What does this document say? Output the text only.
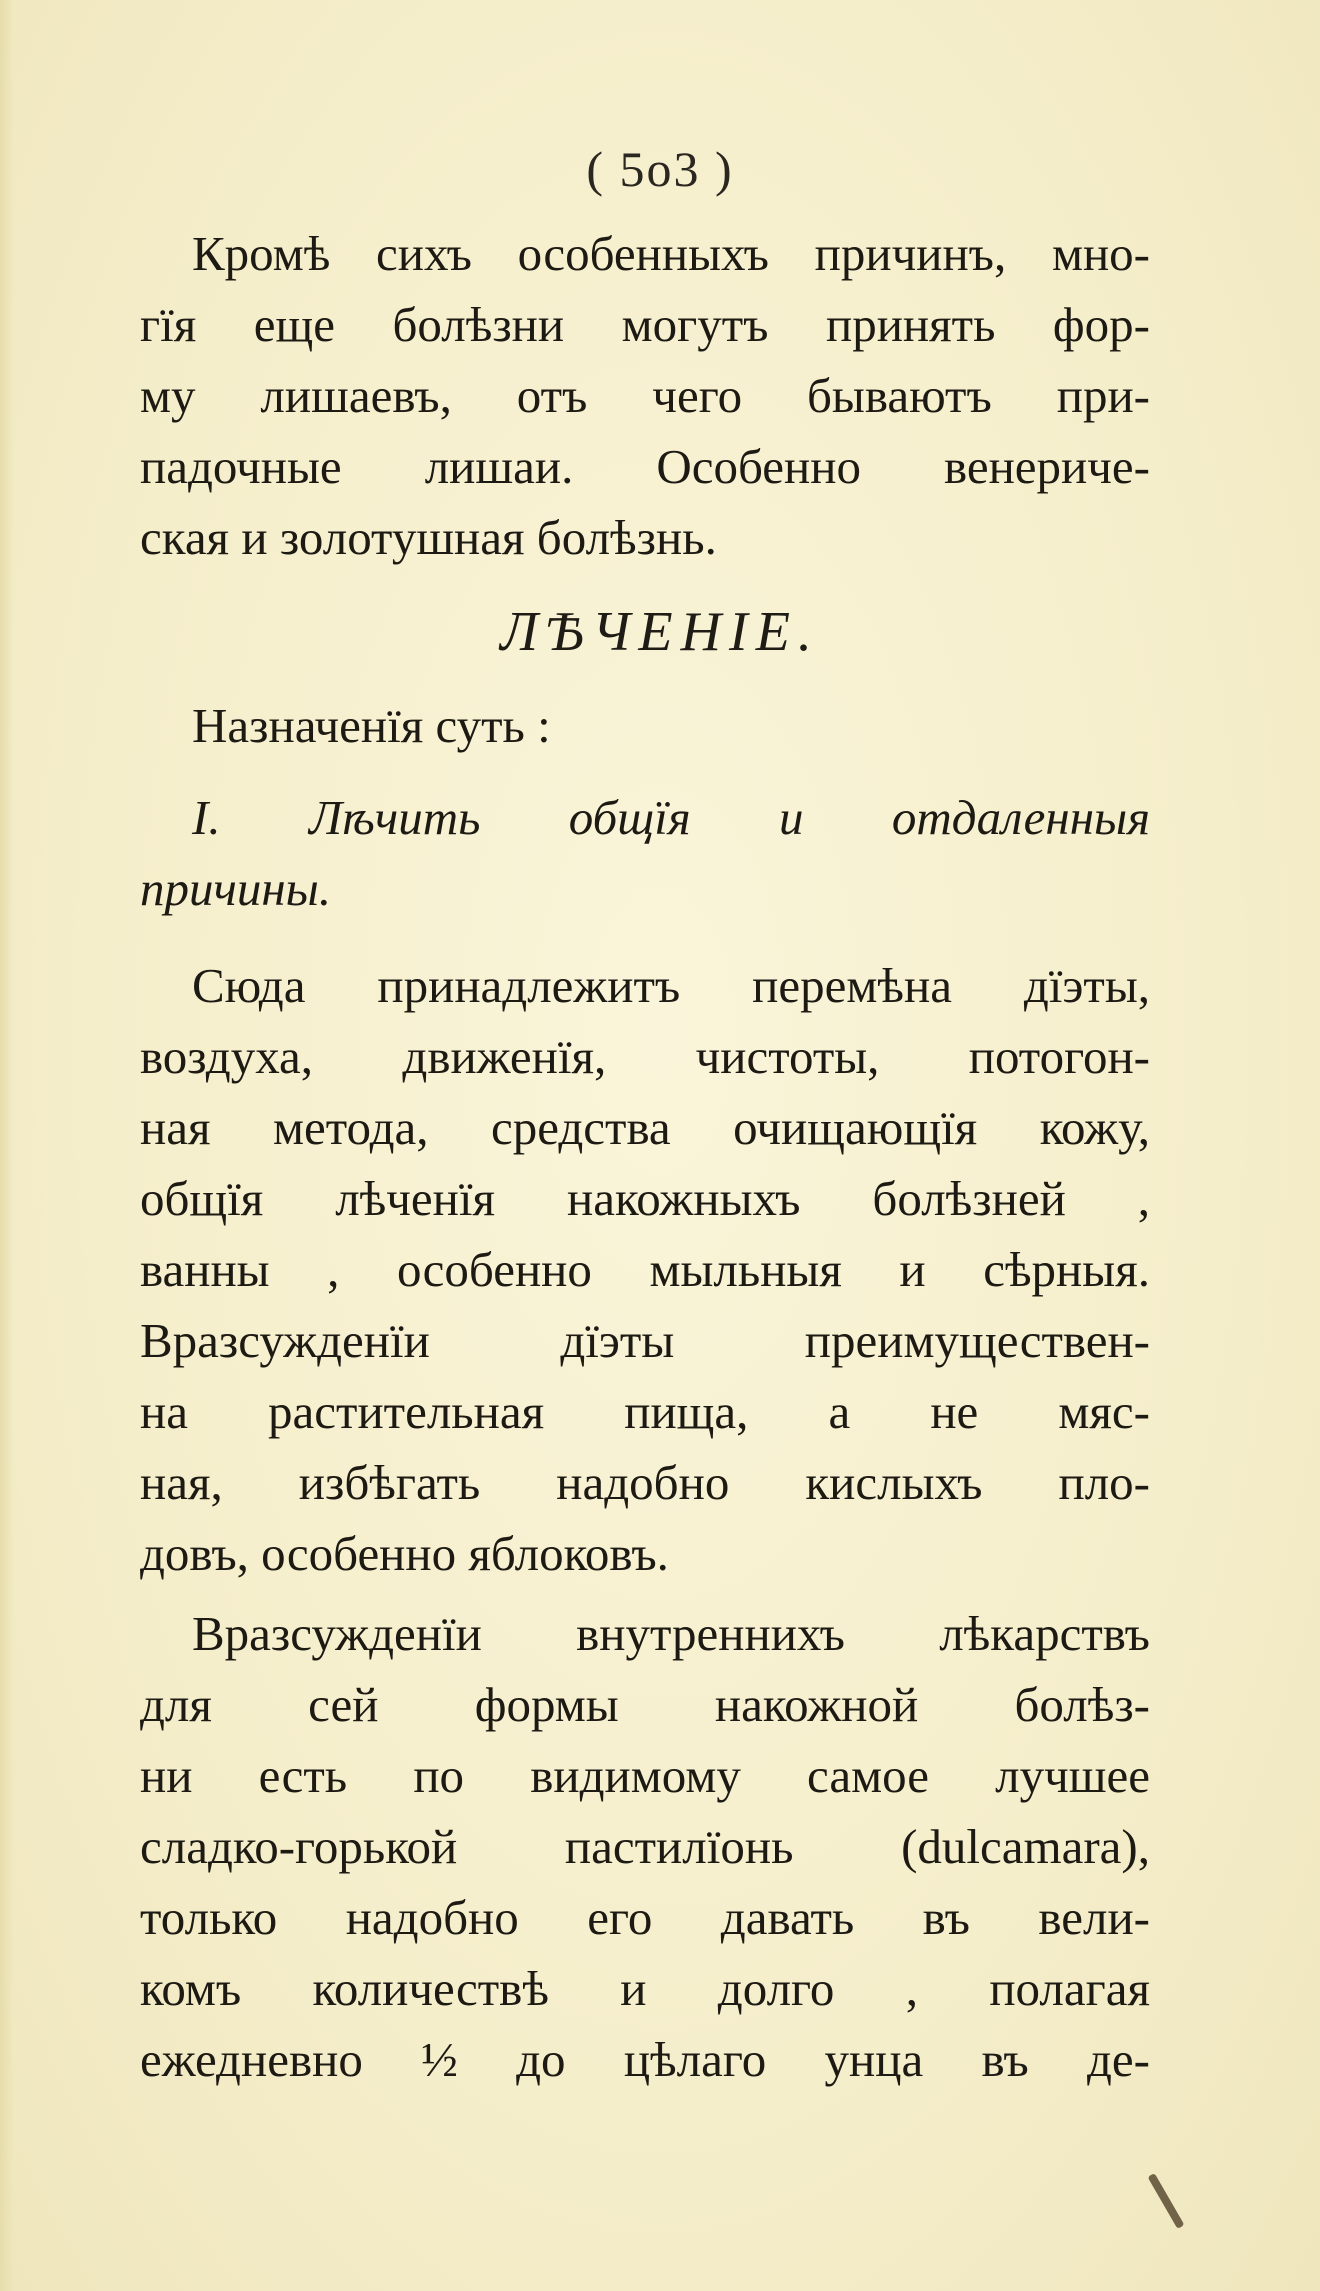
( 5o3 )
Кромѣ сихъ особенныхъ причинъ, мно-
гїя еще болѣзни могутъ принять фор-
му лишаевъ, отъ чего бываютъ при-
падочные лишаи. Особенно венериче-
ская и золотушная болѣзнь.
ЛѢЧЕНІЕ.
Назначенїя суть :
I. Лѣчить общїя и отдаленныя
причины.
Сюда принадлежитъ перемѣна дїэты,
воздуха, движенїя, чистоты, потогон-
ная метода, средства очищающїя кожу,
общїя лѣченїя накожныхъ болѣзней ,
ванны , особенно мыльныя и сѣрныя.
Вразсужденїи дїэты преимуществен-
на растительная пища, а не мяс-
ная, избѣгать надобно кислыхъ пло-
довъ, особенно яблоковъ.
Вразсужденїи внутреннихъ лѣкарствъ
для сей формы накожной болѣз-
ни есть по видимому самое лучшее
сладко-горькой пастилїонь (dulcamara),
только надобно его давать въ вели-
комъ количествѣ и долго , полагая
ежедневно ½ до цѣлаго унца въ де-
